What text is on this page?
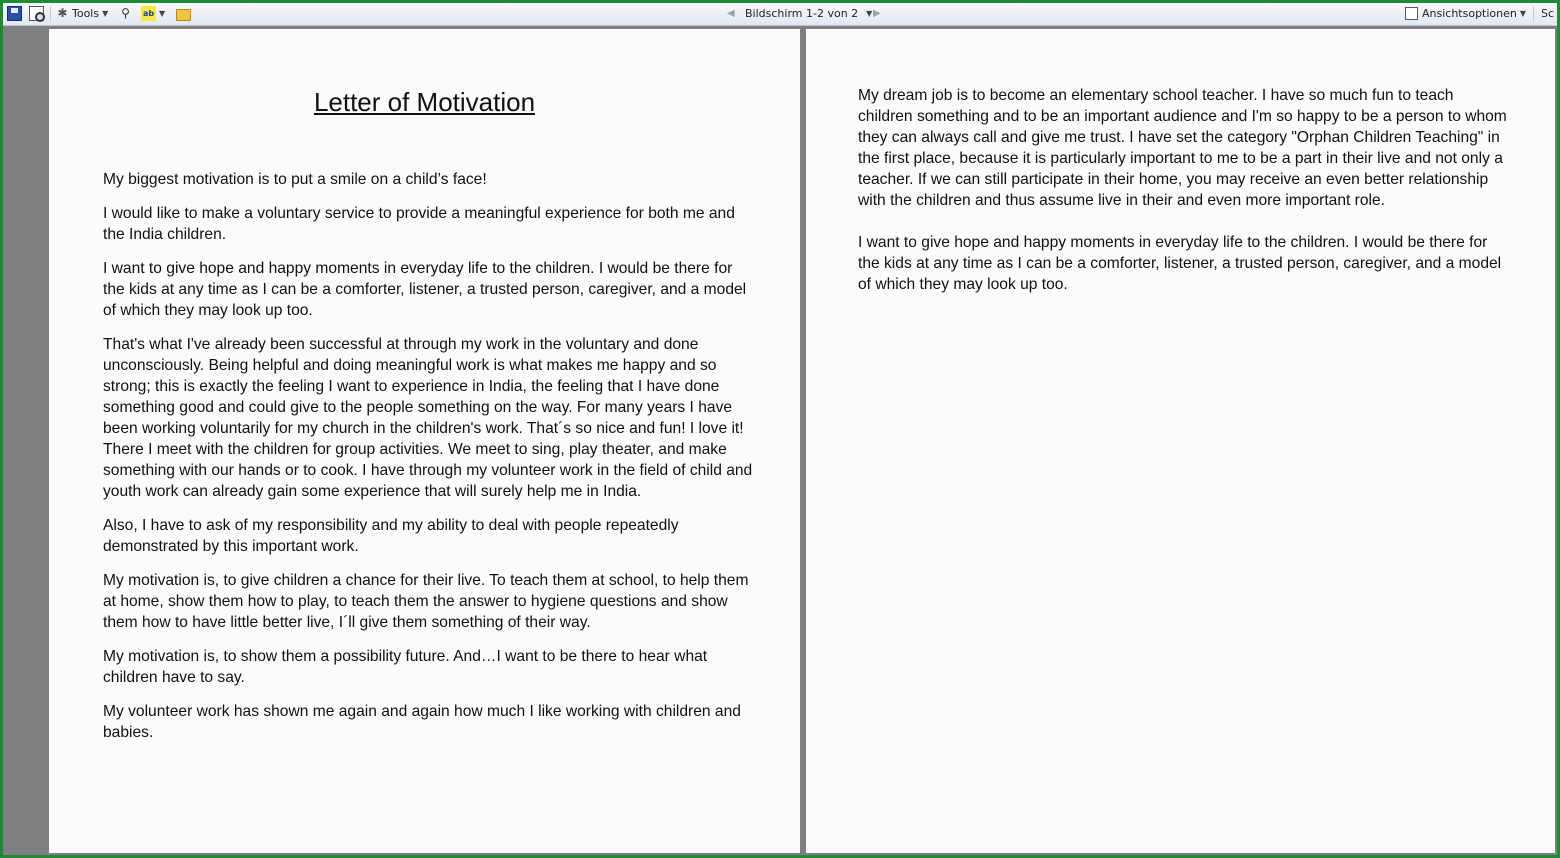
✱ Tools ▼ ⚲	ab ▼	◀ Bildschirm 1-2 von 2 ▼ ▶	Ansichtsoptionen ▼ Sc
Letter of Motivation

My biggest motivation is to put a smile on a child’s face!

I would like to make a voluntary service to provide a meaningful experience for both me and the India children.

I want to give hope and happy moments in everyday life to the children. I would be there for the kids at any time as I can be a comforter, listener, a trusted person, caregiver, and a model of which they may look up too.

That's what I've already been successful at through my work in the voluntary and done unconsciously. Being helpful and doing meaningful work is what makes me happy and so strong; this is exactly the feeling I want to experience in India, the feeling that I have done something good and could give to the people something on the way. For many years I have been working voluntarily for my church in the children's work. That´s so nice and fun! I love it! There I meet with the children for group activities. We meet to sing, play theater, and make something with our hands or to cook. I have through my volunteer work in the field of child and youth work can already gain some experience that will surely help me in India.

Also, I have to ask of my responsibility and my ability to deal with people repeatedly demonstrated by this important work.

My motivation is, to give children a chance for their live. To teach them at school, to help them at home, show them how to play, to teach them the answer to hygiene questions and show them how to have little better live, I´ll give them something of their way.

My motivation is, to show them a possibility future. And…I want to be there to hear what children have to say.

My volunteer work has shown me again and again how much I like working with children and babies.

My dream job is to become an elementary school teacher. I have so much fun to teach children something and to be an important audience and I'm so happy to be a person to whom they can always call and give me trust. I have set the category "Orphan Children Teaching" in the first place, because it is particularly important to me to be a part in their live and not only a teacher. If we can still participate in their home, you may receive an even better relationship with the children and thus assume live in their and even more important role.

I want to give hope and happy moments in everyday life to the children. I would be there for the kids at any time as I can be a comforter, listener, a trusted person, caregiver, and a model of which they may look up too.
